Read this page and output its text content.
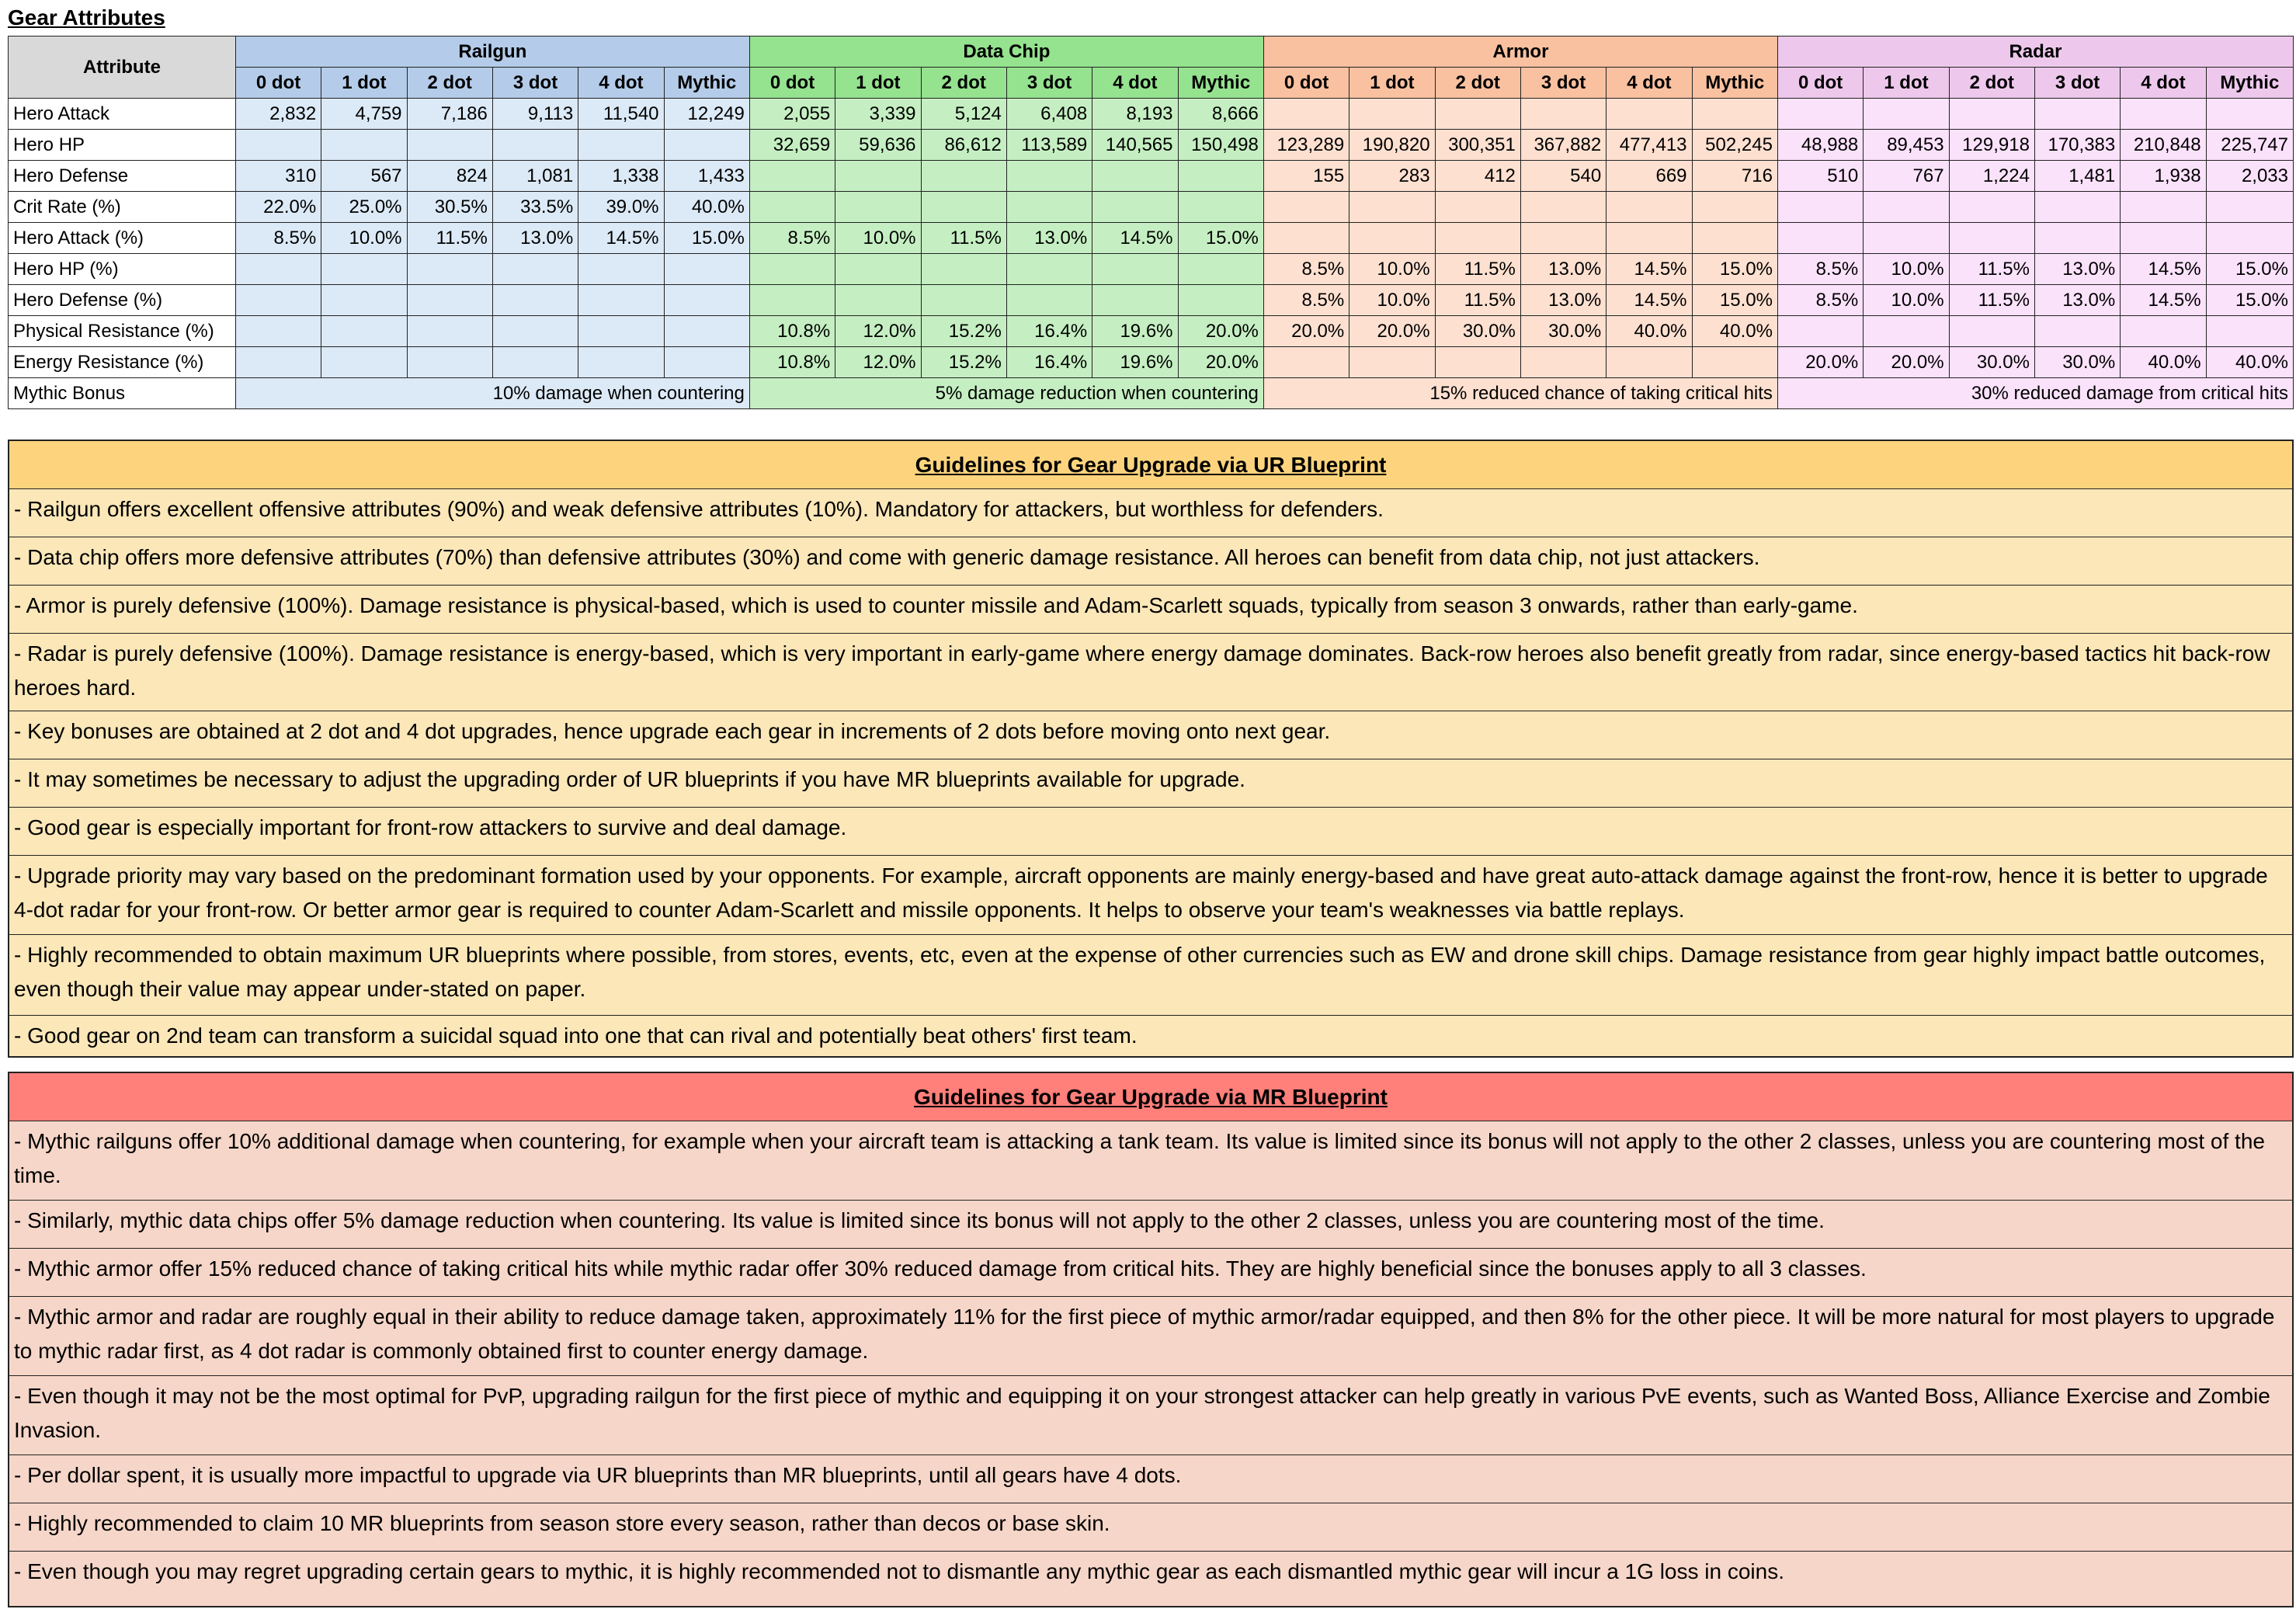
Gear Attributes
Attribute	Railgun						Data Chip						Armor						Radar					
	0 dot	1 dot	2 dot	3 dot	4 dot	Mythic	0 dot	1 dot	2 dot	3 dot	4 dot	Mythic	0 dot	1 dot	2 dot	3 dot	4 dot	Mythic	0 dot	1 dot	2 dot	3 dot	4 dot	Mythic
Hero Attack	2,832	4,759	7,186	9,113	11,540	12,249	2,055	3,339	5,124	6,408	8,193	8,666												
Hero HP							32,659	59,636	86,612	113,589	140,565	150,498	123,289	190,820	300,351	367,882	477,413	502,245	48,988	89,453	129,918	170,383	210,848	225,747
Hero Defense	310	567	824	1,081	1,338	1,433							155	283	412	540	669	716	510	767	1,224	1,481	1,938	2,033
Crit Rate (%)	22.0%	25.0%	30.5%	33.5%	39.0%	40.0%																		
Hero Attack (%)	8.5%	10.0%	11.5%	13.0%	14.5%	15.0%	8.5%	10.0%	11.5%	13.0%	14.5%	15.0%												
Hero HP (%)													8.5%	10.0%	11.5%	13.0%	14.5%	15.0%	8.5%	10.0%	11.5%	13.0%	14.5%	15.0%
Hero Defense (%)													8.5%	10.0%	11.5%	13.0%	14.5%	15.0%	8.5%	10.0%	11.5%	13.0%	14.5%	15.0%
Physical Resistance (%)							10.8%	12.0%	15.2%	16.4%	19.6%	20.0%	20.0%	20.0%	30.0%	30.0%	40.0%	40.0%						
Energy Resistance (%)							10.8%	12.0%	15.2%	16.4%	19.6%	20.0%							20.0%	20.0%	30.0%	30.0%	40.0%	40.0%
Mythic Bonus	10% damage when countering						5% damage reduction when countering						15% reduced chance of taking critical hits						30% reduced damage from critical hits					
Guidelines for Gear Upgrade via UR Blueprint
- Railgun offers excellent offensive attributes (90%) and weak defensive attributes (10%). Mandatory for attackers, but worthless for defenders.
- Data chip offers more defensive attributes (70%) than defensive attributes (30%) and come with generic damage resistance. All heroes can benefit from data chip, not just attackers.
- Armor is purely defensive (100%). Damage resistance is physical-based, which is used to counter missile and Adam-Scarlett squads, typically from season 3 onwards, rather than early-game.
- Radar is purely defensive (100%). Damage resistance is energy-based, which is very important in early-game where energy damage dominates. Back-row heroes also benefit greatly from radar, since energy-based tactics hit back-row heroes hard.
- Key bonuses are obtained at 2 dot and 4 dot upgrades, hence upgrade each gear in increments of 2 dots before moving onto next gear.
- It may sometimes be necessary to adjust the upgrading order of UR blueprints if you have MR blueprints available for upgrade.
- Good gear is especially important for front-row attackers to survive and deal damage.
- Upgrade priority may vary based on the predominant formation used by your opponents. For example, aircraft opponents are mainly energy-based and have great auto-attack damage against the front-row, hence it is better to upgrade 4-dot radar for your front-row. Or better armor gear is required to counter Adam-Scarlett and missile opponents. It helps to observe your team's weaknesses via battle replays.
- Highly recommended to obtain maximum UR blueprints where possible, from stores, events, etc, even at the expense of other currencies such as EW and drone skill chips. Damage resistance from gear highly impact battle outcomes, even though their value may appear under-stated on paper.
- Good gear on 2nd team can transform a suicidal squad into one that can rival and potentially beat others' first team.
Guidelines for Gear Upgrade via MR Blueprint
- Mythic railguns offer 10% additional damage when countering, for example when your aircraft team is attacking a tank team. Its value is limited since its bonus will not apply to the other 2 classes, unless you are countering most of the time.
- Similarly, mythic data chips offer 5% damage reduction when countering. Its value is limited since its bonus will not apply to the other 2 classes, unless you are countering most of the time.
- Mythic armor offer 15% reduced chance of taking critical hits while mythic radar offer 30% reduced damage from critical hits. They are highly beneficial since the bonuses apply to all 3 classes.
- Mythic armor and radar are roughly equal in their ability to reduce damage taken, approximately 11% for the first piece of mythic armor/radar equipped, and then 8% for the other piece. It will be more natural for most players to upgrade to mythic radar first, as 4 dot radar is commonly obtained first to counter energy damage.
- Even though it may not be the most optimal for PvP, upgrading railgun for the first piece of mythic and equipping it on your strongest attacker can help greatly in various PvE events, such as Wanted Boss, Alliance Exercise and Zombie Invasion.
- Per dollar spent, it is usually more impactful to upgrade via UR blueprints than MR blueprints, until all gears have 4 dots.
- Highly recommended to claim 10 MR blueprints from season store every season, rather than decos or base skin.
- Even though you may regret upgrading certain gears to mythic, it is highly recommended not to dismantle any mythic gear as each dismantled mythic gear will incur a 1G loss in coins.
